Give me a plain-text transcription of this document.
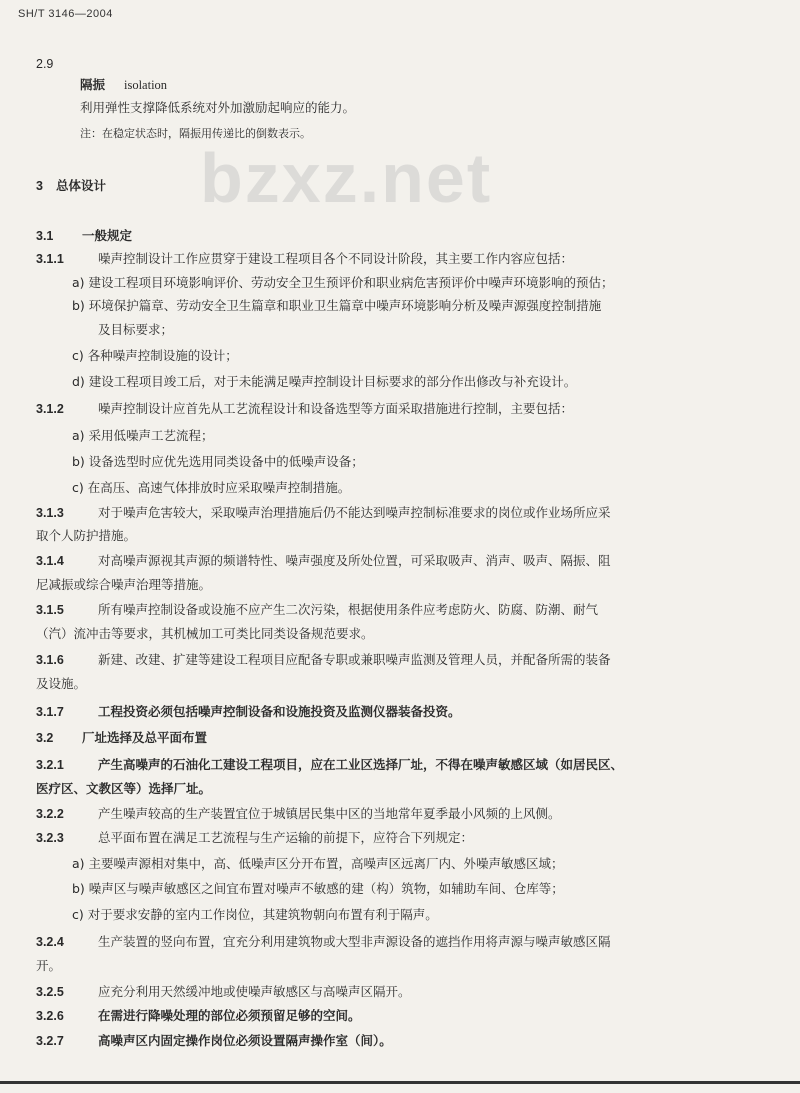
SH/T 3146—2004
bzxz.net
2.9
隔振 isolation
利用弹性支撑降低系统对外加激励起响应的能力。
注：在稳定状态时，隔振用传递比的倒数表示。
3 总体设计
3.1 一般规定
3.1.1	噪声控制设计工作应贯穿于建设工程项目各个不同设计阶段，其主要工作内容应包括：
a) 建设工程项目环境影响评价、劳动安全卫生预评价和职业病危害预评价中噪声环境影响的预估；
b) 环境保护篇章、劳动安全卫生篇章和职业卫生篇章中噪声环境影响分析及噪声源强度控制措施
及目标要求；
c) 各种噪声控制设施的设计；
d) 建设工程项目竣工后，对于未能满足噪声控制设计目标要求的部分作出修改与补充设计。
3.1.2	噪声控制设计应首先从工艺流程设计和设备选型等方面采取措施进行控制，主要包括：
a) 采用低噪声工艺流程；
b) 设备选型时应优先选用同类设备中的低噪声设备；
c) 在高压、高速气体排放时应采取噪声控制措施。
3.1.3	对于噪声危害较大，采取噪声治理措施后仍不能达到噪声控制标准要求的岗位或作业场所应采
取个人防护措施。
3.1.4	对高噪声源视其声源的频谱特性、噪声强度及所处位置，可采取吸声、消声、吸声、隔振、阻
尼减振或综合噪声治理等措施。
3.1.5	所有噪声控制设备或设施不应产生二次污染，根据使用条件应考虑防火、防腐、防潮、耐气
（汽）流冲击等要求，其机械加工可类比同类设备规范要求。
3.1.6	新建、改建、扩建等建设工程项目应配备专职或兼职噪声监测及管理人员，并配备所需的装备
及设施。
3.1.7	工程投资必须包括噪声控制设备和设施投资及监测仪器装备投资。
3.2 厂址选择及总平面布置
3.2.1	产生高噪声的石油化工建设工程项目，应在工业区选择厂址，不得在噪声敏感区域（如居民区、
医疗区、文教区等）选择厂址。
3.2.2	产生噪声较高的生产装置宜位于城镇居民集中区的当地常年夏季最小风频的上风侧。
3.2.3	总平面布置在满足工艺流程与生产运输的前提下，应符合下列规定：
a) 主要噪声源相对集中，高、低噪声区分开布置，高噪声区远离厂内、外噪声敏感区域；
b) 噪声区与噪声敏感区之间宜布置对噪声不敏感的建（构）筑物，如辅助车间、仓库等；
c) 对于要求安静的室内工作岗位，其建筑物朝向布置有利于隔声。
3.2.4	生产装置的竖向布置，宜充分利用建筑物或大型非声源设备的遮挡作用将声源与噪声敏感区隔
开。
3.2.5	应充分利用天然缓冲地或使噪声敏感区与高噪声区隔开。
3.2.6	在需进行降噪处理的部位必须预留足够的空间。
3.2.7	高噪声区内固定操作岗位必须设置隔声操作室（间）。
